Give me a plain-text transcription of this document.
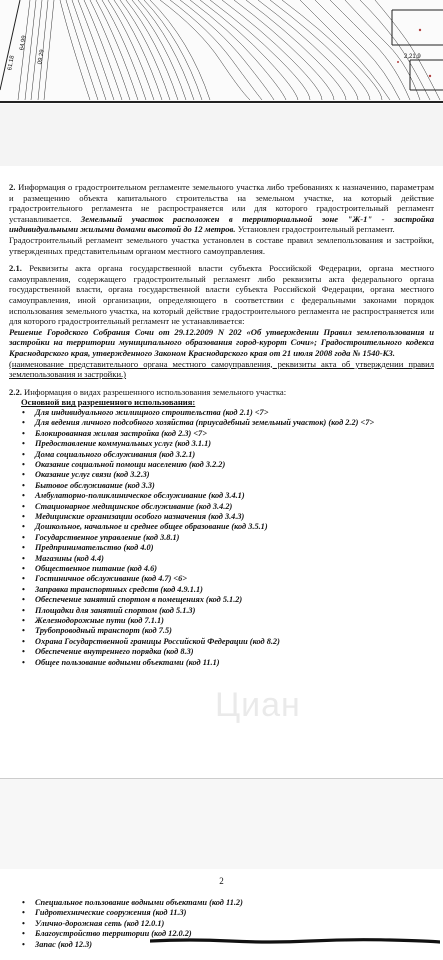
61.18
64.99
09.29	2,21,9
Циан

2. Информация о градостроительном регламенте земельного участка либо требованиях к назначению, параметрам и размещению объекта капитального строительства на земельном участке, на который действие градостроительного регламента не распространяется или для которого градостроительный регламент устанавливается. Земельный участок расположен в территориальной зоне "Ж-1" - застройка индивидуальными жилыми домами высотой до 12 метров. Установлен градостроительный регламент.

Градостроительный регламент земельного участка установлен в составе правил землепользования и застройки, утвержденных представительным органом местного самоуправления.

2.1. Реквизиты акта органа государственной власти субъекта Российской Федерации, органа местного самоуправления, содержащего градостроительный регламент либо реквизиты акта федерального органа государственной власти, органа государственной власти субъекта Российской Федерации, органа местного самоуправления, иной организации, определяющего в соответствии с федеральными законами порядок использования земельного участка, на который действие градостроительного регламента не распространяется или для которого градостроительный регламент не устанавливается:

Решение Городского Собрания Сочи от 29.12.2009 N 202 «Об утверждении Правил землепользования и застройки на территории муниципального образования город-курорт Сочи»; Градостроительного кодекса Краснодарского края, утвержденного Законом Краснодарского края от 21 июля 2008 года № 1540-КЗ.

(наименование представительного органа местного самоуправления, реквизиты акта об утверждении правил землепользования и застройки.)

2.2. Информация о видах разрешенного использования земельного участка:

Основной вид разрешенного использования:

• Для индивидуального жилищного строительства (код 2.1) <7>
• Для ведения личного подсобного хозяйства (приусадебный земельный участок) (код 2.2) <7>
• Блокированная жилая застройка (код 2.3) <7>
• Предоставление коммунальных услуг (код 3.1.1)
• Дома социального обслуживания (код 3.2.1)
• Оказание социальной помощи населению (код 3.2.2)
• Оказание услуг связи (код 3.2.3)
• Бытовое обслуживание (код 3.3)
• Амбулаторно-поликлиническое обслуживание (код 3.4.1)
• Стационарное медицинское обслуживание (код 3.4.2)
• Медицинские организации особого назначения (код 3.4.3)
• Дошкольное, начальное и среднее общее образование (код 3.5.1)
• Государственное управление (код 3.8.1)
• Предпринимательство (код 4.0)
• Магазины (код 4.4)
• Общественное питание (код 4.6)
• Гостиничное обслуживание (код 4.7) <6>
• Заправка транспортных средств (код 4.9.1.1)
• Обеспечение занятий спортом в помещениях (код 5.1.2)
• Площадки для занятий спортом (код 5.1.3)
• Железнодорожные пути (код 7.1.1)
• Трубопроводный транспорт (код 7.5)
• Охрана Государственной границы Российской Федерации (код 8.2)
• Обеспечение внутреннего порядка (код 8.3)
• Общее пользование водными объектами (код 11.1)
2
• Специальное пользование водными объектами (код 11.2)
• Гидротехнические сооружения (код 11.3)
• Улично-дорожная сеть (код 12.0.1)
• Благоустройство территории (код 12.0.2)
• Запас (код 12.3)
